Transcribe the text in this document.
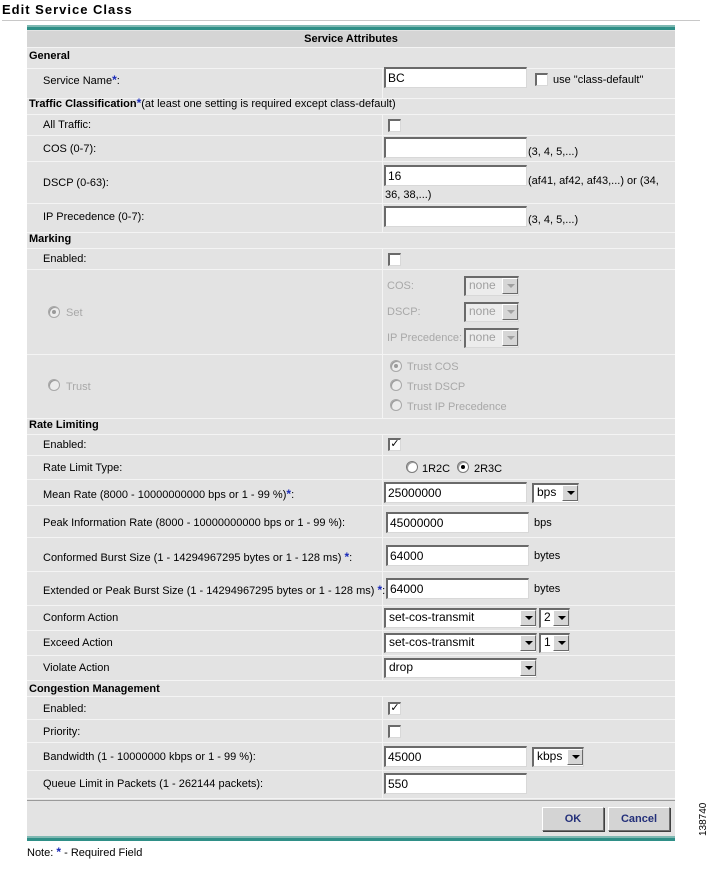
Edit Service Class
Service Attributes
General
Service Name*:	BC	use "class-default"
Traffic Classification*(at least one setting is required except class-default)
All Traffic:
COS (0-7):	(3, 4, 5,...)
DSCP (0-63):	16	(af41, af42, af43,...) or (34,
36, 38,...)
IP Precedence (0-7):	(3, 4, 5,...)
Marking
Enabled:
Set
COS:	none
DSCP:	none
IP Precedence: none
Trust
Trust COS
Trust DSCP
Trust IP Precedence
Rate Limiting
Enabled:	✓
Rate Limit Type:	1R2C 2R3C
Mean Rate (8000 - 10000000000 bps or 1 - 99 %)*:	25000000	bps
Peak Information Rate (8000 - 10000000000 bps or 1 - 99 %):	45000000	bps
Conformed Burst Size (1 - 14294967295 bytes or 1 - 128 ms) *:	64000	bytes
Extended or Peak Burst Size (1 - 14294967295 bytes or 1 - 128 ms) *: 64000	bytes
Conform Action	set-cos-transmit	2
Exceed Action	set-cos-transmit	1
Violate Action	drop
Congestion Management
Enabled:	✓
Priority:
Bandwidth (1 - 10000000 kbps or 1 - 99 %):	45000	kbps
Queue Limit in Packets (1 - 262144 packets):	550
OK	Cancel
Note: * - Required Field
138740
